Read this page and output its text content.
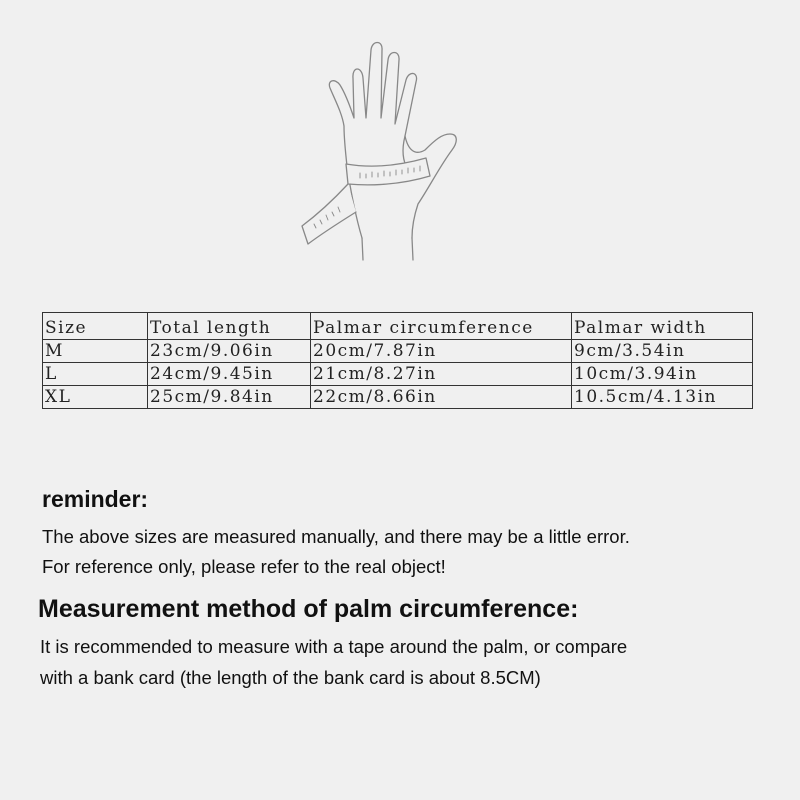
Size	Total length	Palmar circumference	Palmar width
M	23cm/9.06in	20cm/7.87in	9cm/3.54in
L	24cm/9.45in	21cm/8.27in	10cm/3.94in
XL	25cm/9.84in	22cm/8.66in	10.5cm/4.13in
reminder:
The above sizes are measured manually, and there may be a little error.
For reference only, please refer to the real object!
Measurement method of palm circumference:
It is recommended to measure with a tape around the palm, or compare
with a bank card (the length of the bank card is about 8.5CM)
